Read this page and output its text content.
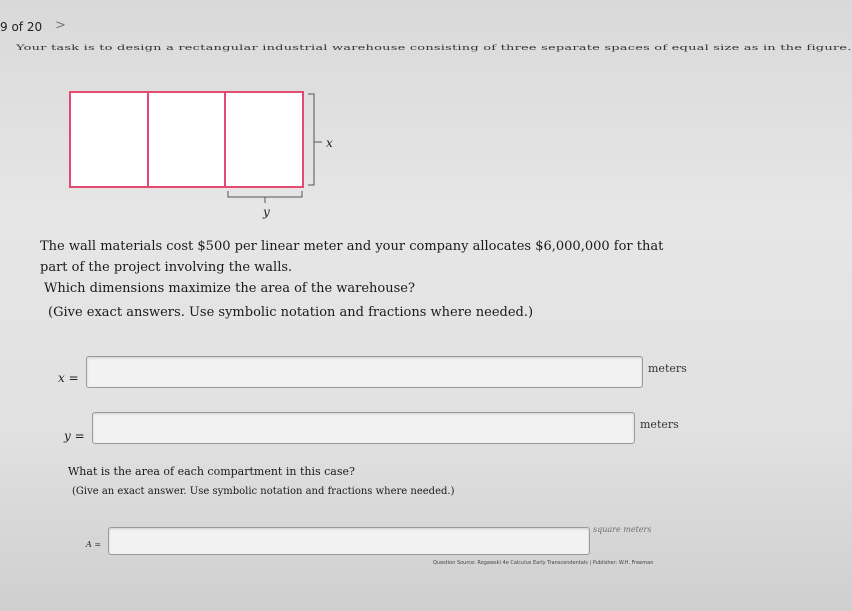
9 of 20 >
Your task is to design a rectangular industrial warehouse consisting of three separate spaces of equal size as in the figure.
x
y
The wall materials cost $500 per linear meter and your company allocates $6,000,000 for that part of the project involving the walls.
Which dimensions maximize the area of the warehouse?
(Give exact answers. Use symbolic notation and fractions where needed.)
x =
meters
y =
meters
What is the area of each compartment in this case?
(Give an exact answer. Use symbolic notation and fractions where needed.)
A =
square meters
Question Source: Rogawski 4e Calculus Early Transcendentals | Publisher: W.H. Freeman
